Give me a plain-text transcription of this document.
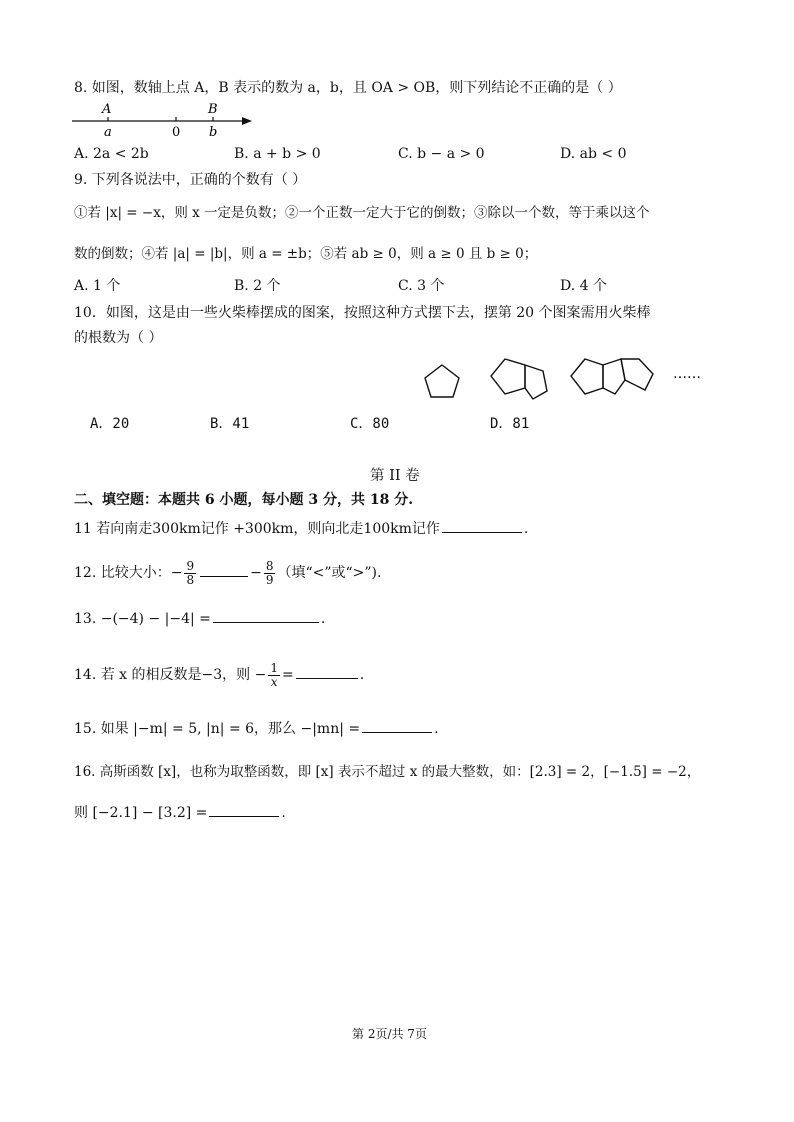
8. 如图，数轴上点 A，B 表示的数为 a，b，且 OA > OB，则下列结论不正确的是（ ）
A
a	0
B
b
A. 2a < 2b	B. a + b > 0	C. b − a > 0	D. ab < 0
9. 下列各说法中，正确的个数有（ ）
①若 |x| = −x，则 x 一定是负数；②一个正数一定大于它的倒数；③除以一个数，等于乘以这个
数的倒数；④若 |a| = |b|，则 a = ±b；⑤若 ab ≥ 0，则 a ≥ 0 且 b ≥ 0；
A. 1 个	B. 2 个	C. 3 个	D. 4 个
10．如图，这是由一些火柴棒摆成的图案，按照这种方式摆下去，摆第 20 个图案需用火柴棒
的根数为（ ）
……
A．20	B．41	C．80	D．81
第 II 卷
二、填空题：本题共 6 小题，每小题 3 分，共 18 分.
11 若向南走300km记作 +300km，则向北走100km记作	.
12. 比较大小：− $\frac{9}{8}$	− $\frac{8}{9}$ （填“<”或“>”).
13. −(−4) − |−4| =	.
14. 若 x 的相反数是−3，则 − $\frac{1}{x}$ =	.
15. 如果 |−m| = 5, |n| = 6，那么 −|mn| =	.
16. 高斯函数 [x]，也称为取整函数，即 [x] 表示不超过 x 的最大整数，如：[2.3] = 2，[−1.5] = −2，
则 [−2.1] − [3.2] =	.
第 2页/共 7页
